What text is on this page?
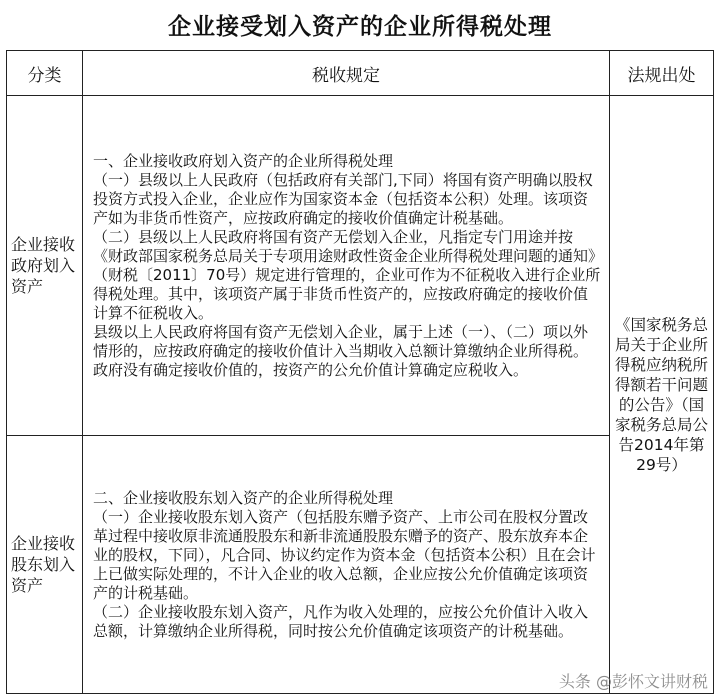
企业接受划入资产的企业所得税处理
分类	税收规定	法规出处
企业接收政府划入资产	一、企业接收政府划入资产的企业所得税处理

（一）县级以上人民政府（包括政府有关部门,下同）将国有资产明确以股权投资方式投入企业，企业应作为国家资本金（包括资本公积）处理。该项资产如为非货币性资产，应按政府确定的接收价值确定计税基础。

（二）县级以上人民政府将国有资产无偿划入企业，凡指定专门用途并按《财政部国家税务总局关于专项用途财政性资金企业所得税处理问题的通知》（财税〔2011〕70号）规定进行管理的，企业可作为不征税收入进行企业所得税处理。其中，该项资产属于非货币性资产的，应按政府确定的接收价值计算不征税收入。

县级以上人民政府将国有资产无偿划入企业，属于上述（一）、（二）项以外情形的，应按政府确定的接收价值计入当期收入总额计算缴纳企业所得税。政府没有确定接收价值的，按资产的公允价值计算确定应税收入。	《国家税务总局关于企业所得税应纳税所得额若干问题的公告》（国家税务总局公告2014年第29号）
企业接收股东划入资产	二、企业接收股东划入资产的企业所得税处理

（一）企业接收股东划入资产（包括股东赠予资产、上市公司在股权分置改革过程中接收原非流通股股东和新非流通股股东赠予的资产、股东放弃本企业的股权，下同），凡合同、协议约定作为资本金（包括资本公积）且在会计上已做实际处理的，不计入企业的收入总额，企业应按公允价值确定该项资产的计税基础。

（二）企业接收股东划入资产，凡作为收入处理的，应按公允价值计入收入总额，计算缴纳企业所得税，同时按公允价值确定该项资产的计税基础。	

头条 @彭怀文讲财税
